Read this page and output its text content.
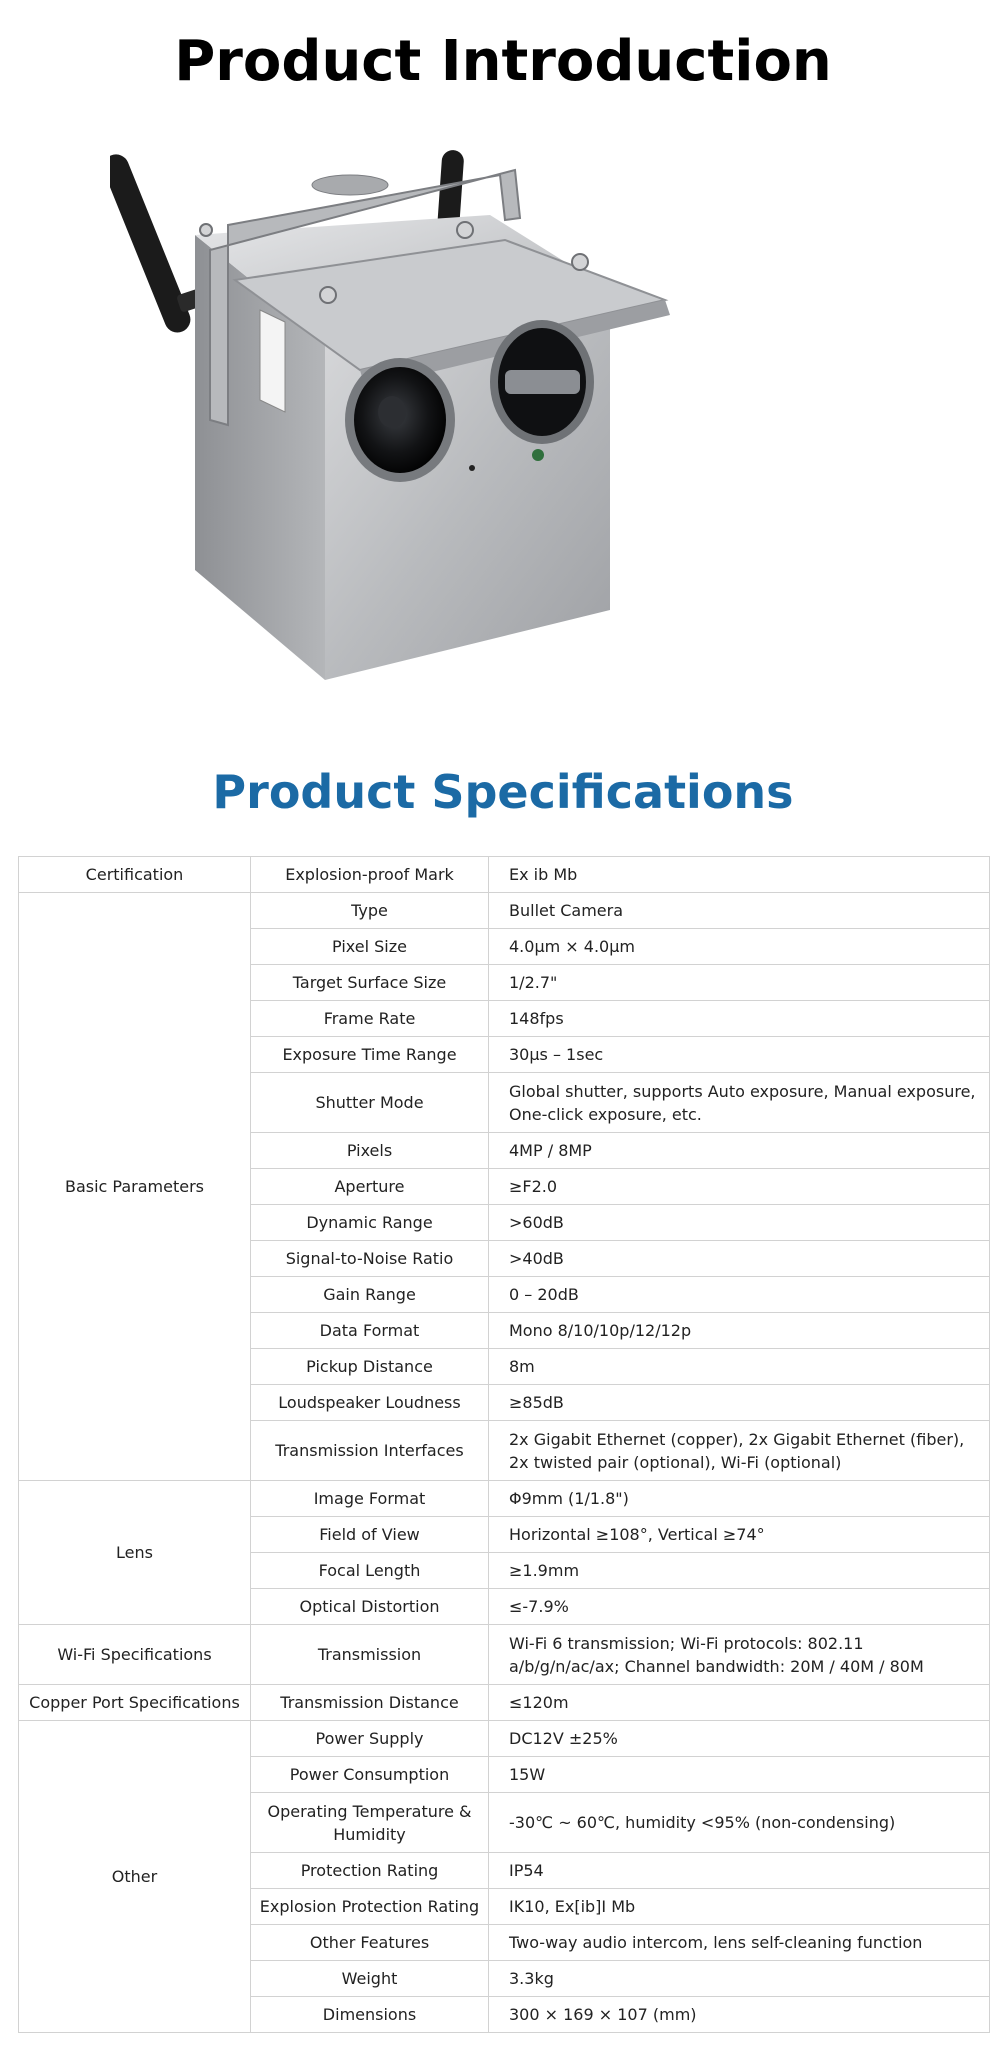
Product Introduction
Product Specifications
Certification	Explosion-proof Mark	Ex ib Mb
Basic Parameters	Type	Bullet Camera
	Pixel Size	4.0μm × 4.0μm
	Target Surface Size	1/2.7"
	Frame Rate	148fps
	Exposure Time Range	30μs – 1sec
	Shutter Mode	Global shutter, supports Auto exposure, Manual exposure, One-click exposure, etc.
	Pixels	4MP / 8MP
	Aperture	≥F2.0
	Dynamic Range	>60dB
	Signal-to-Noise Ratio	>40dB
	Gain Range	0 – 20dB
	Data Format	Mono 8/10/10p/12/12p
	Pickup Distance	8m
	Loudspeaker Loudness	≥85dB
	Transmission Interfaces	2x Gigabit Ethernet (copper), 2x Gigabit Ethernet (fiber), 2x twisted pair (optional), Wi-Fi (optional)
Lens	Image Format	Φ9mm (1/1.8")
	Field of View	Horizontal ≥108°, Vertical ≥74°
	Focal Length	≥1.9mm
	Optical Distortion	≤-7.9%
Wi-Fi Specifications	Transmission	Wi-Fi 6 transmission; Wi-Fi protocols: 802.11 a/b/g/n/ac/ax; Channel bandwidth: 20M / 40M / 80M
Copper Port Specifications	Transmission Distance	≤120m
Other	Power Supply	DC12V ±25%
	Power Consumption	15W
	Operating Temperature & Humidity	-30℃ ~ 60℃, humidity <95% (non-condensing)
	Protection Rating	IP54
	Explosion Protection Rating	IK10, Ex[ib]I Mb
	Other Features	Two-way audio intercom, lens self-cleaning function
	Weight	3.3kg
	Dimensions	300 × 169 × 107 (mm)
